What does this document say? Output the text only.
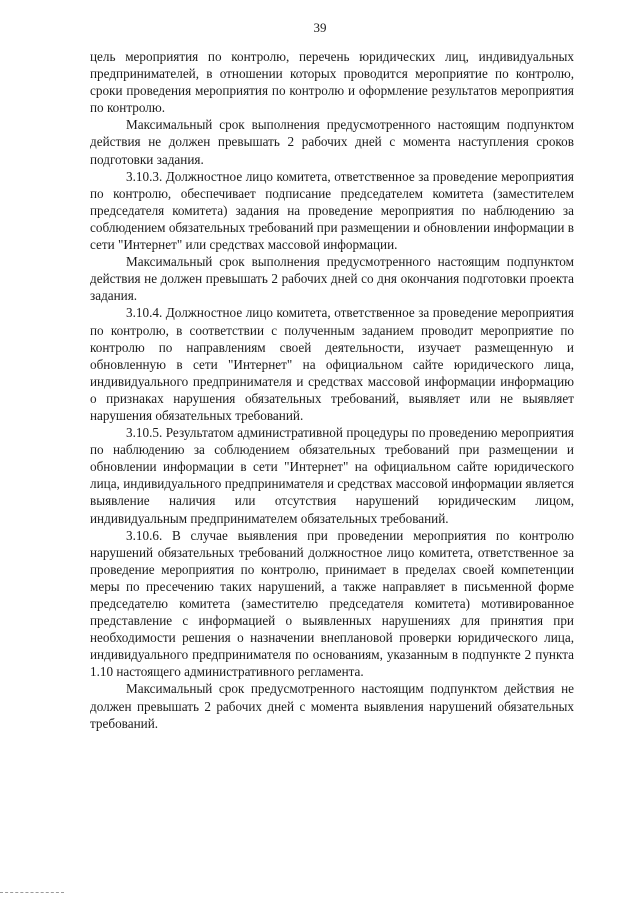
39

цель мероприятия по контролю, перечень юридических лиц, индивидуальных предпринимателей, в отношении которых проводится мероприятие по контролю, сроки проведения мероприятия по контролю и оформление результатов мероприятия по контролю.

Максимальный срок выполнения предусмотренного настоящим подпунктом действия не должен превышать 2 рабочих дней с момента наступления сроков подготовки задания.

3.10.3. Должностное лицо комитета, ответственное за проведение мероприятия по контролю, обеспечивает подписание председателем комитета (заместителем председателя комитета) задания на проведение мероприятия по наблюдению за соблюдением обязательных требований при размещении и обновлении информации в сети "Интернет" или средствах массовой информации.

Максимальный срок выполнения предусмотренного настоящим подпунктом действия не должен превышать 2 рабочих дней со дня окончания подготовки проекта задания.

3.10.4. Должностное лицо комитета, ответственное за проведение мероприятия по контролю, в соответствии с полученным заданием проводит мероприятие по контролю по направлениям своей деятельности, изучает размещенную и обновленную в сети "Интернет" на официальном сайте юридического лица, индивидуального предпринимателя и средствах массовой информации информацию о признаках нарушения обязательных требований, выявляет или не выявляет нарушения обязательных требований.

3.10.5. Результатом административной процедуры по проведению мероприятия по наблюдению за соблюдением обязательных требований при размещении и обновлении информации в сети "Интернет" на официальном сайте юридического лица, индивидуального предпринимателя и средствах массовой информации является выявление наличия или отсутствия нарушений юридическим лицом, индивидуальным предпринимателем обязательных требований.

3.10.6. В случае выявления при проведении мероприятия по контролю нарушений обязательных требований должностное лицо комитета, ответственное за проведение мероприятия по контролю, принимает в пределах своей компетенции меры по пресечению таких нарушений, а также направляет в письменной форме председателю комитета (заместителю председателя комитета) мотивированное представление с информацией о выявленных нарушениях для принятия при необходимости решения о назначении внеплановой проверки юридического лица, индивидуального предпринимателя по основаниям, указанным в подпункте 2 пункта 1.10 настоящего административного регламента.

Максимальный срок предусмотренного настоящим подпунктом действия не должен превышать 2 рабочих дней с момента выявления нарушений обязательных требований.
